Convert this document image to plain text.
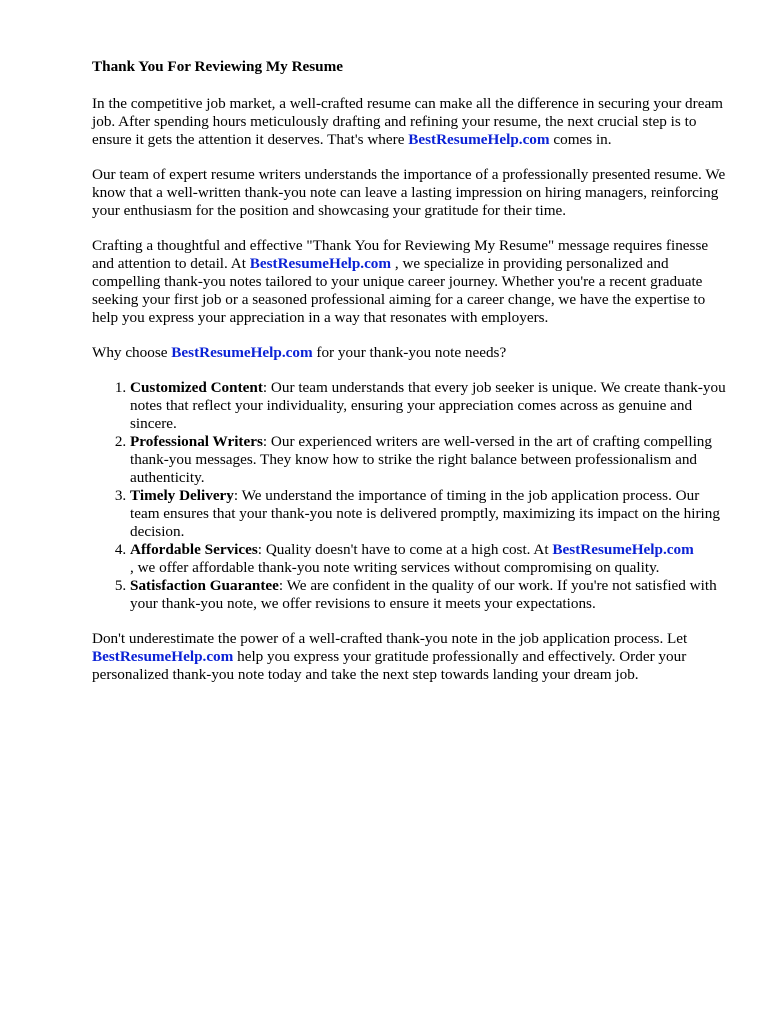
Thank You For Reviewing My Resume

In the competitive job market, a well-crafted resume can make all the difference in securing your dream job. After spending hours meticulously drafting and refining your resume, the next crucial step is to ensure it gets the attention it deserves. That's where BestResumeHelp.com comes in.

Our team of expert resume writers understands the importance of a professionally presented resume. We know that a well-written thank-you note can leave a lasting impression on hiring managers, reinforcing your enthusiasm for the position and showcasing your gratitude for their time.

Crafting a thoughtful and effective "Thank You for Reviewing My Resume" message requires finesse and attention to detail. At BestResumeHelp.com , we specialize in providing personalized and compelling thank-you notes tailored to your unique career journey. Whether you're a recent graduate seeking your first job or a seasoned professional aiming for a career change, we have the expertise to help you express your appreciation in a way that resonates with employers.

Why choose BestResumeHelp.com for your thank-you note needs?

1. Customized Content: Our team understands that every job seeker is unique. We create thank-you notes that reflect your individuality, ensuring your appreciation comes across as genuine and sincere.
2. Professional Writers: Our experienced writers are well-versed in the art of crafting compelling thank-you messages. They know how to strike the right balance between professionalism and authenticity.
3. Timely Delivery: We understand the importance of timing in the job application process. Our team ensures that your thank-you note is delivered promptly, maximizing its impact on the hiring decision.
4. Affordable Services: Quality doesn't have to come at a high cost. At BestResumeHelp.com
, we offer affordable thank-you note writing services without compromising on quality.
5. Satisfaction Guarantee: We are confident in the quality of our work. If you're not satisfied with your thank-you note, we offer revisions to ensure it meets your expectations.

Don't underestimate the power of a well-crafted thank-you note in the job application process. Let
BestResumeHelp.com help you express your gratitude professionally and effectively. Order your personalized thank-you note today and take the next step towards landing your dream job.
